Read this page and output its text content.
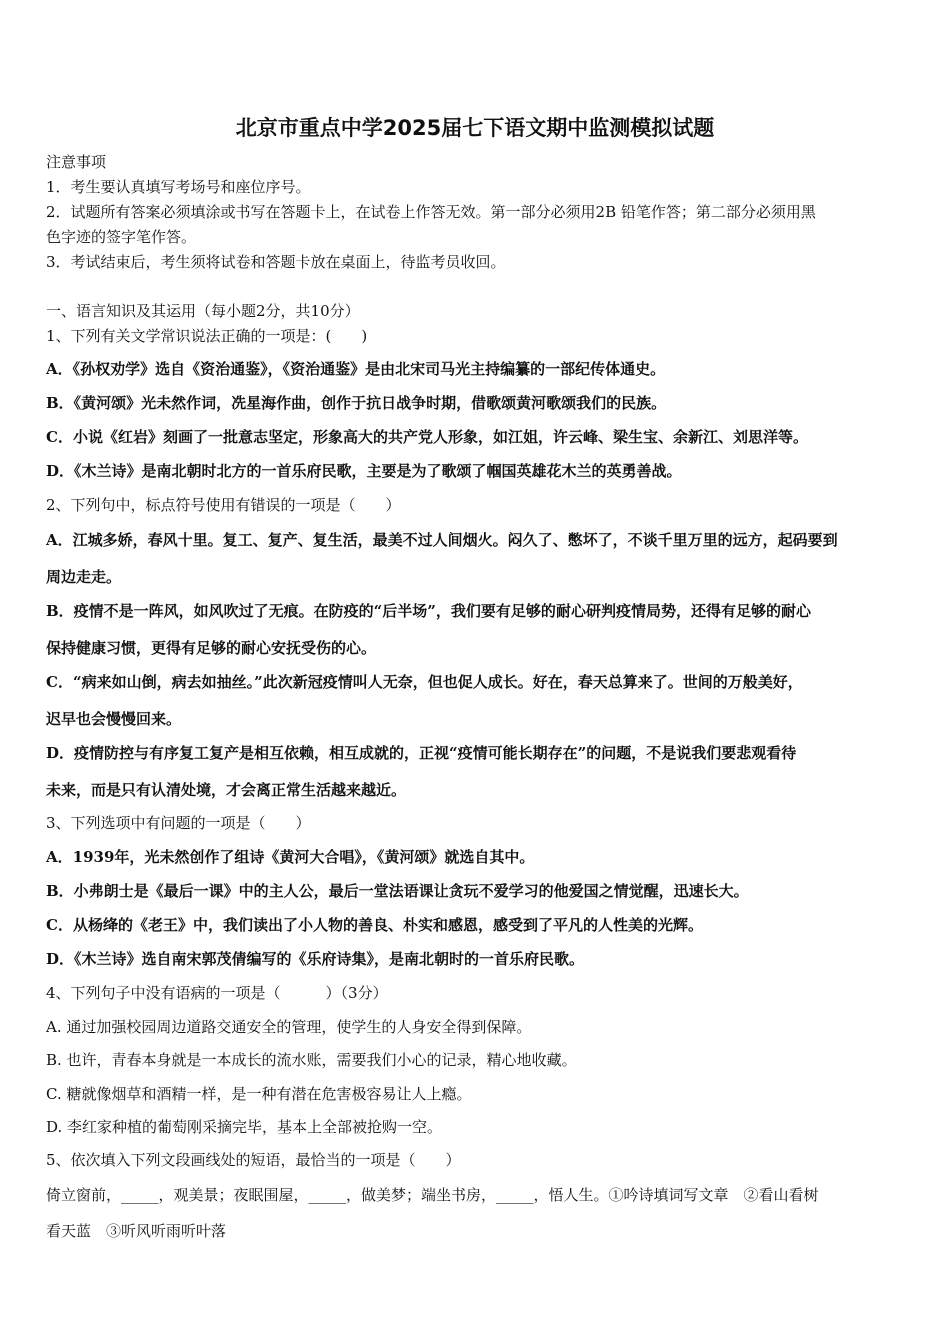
北京市重点中学2025届七下语文期中监测模拟试题
注意事项
1．考生要认真填写考场号和座位序号。
2．试题所有答案必须填涂或书写在答题卡上，在试卷上作答无效。第一部分必须用2B 铅笔作答；第二部分必须用黑
色字迹的签字笔作答。
3．考试结束后，考生须将试卷和答题卡放在桌面上，待监考员收回。
一、语言知识及其运用（每小题2分，共10分）
1、下列有关文学常识说法正确的一项是：(　　)
A．《孙权劝学》选自《资治通鉴》，《资治通鉴》是由北宋司马光主持编纂的一部纪传体通史。
B．《黄河颂》光未然作词，冼星海作曲，创作于抗日战争时期，借歌颂黄河歌颂我们的民族。
C．小说《红岩》刻画了一批意志坚定，形象高大的共产党人形象，如江姐，许云峰、梁生宝、余新江、刘思洋等。
D．《木兰诗》是南北朝时北方的一首乐府民歌，主要是为了歌颂了帼国英雄花木兰的英勇善战。
2、下列句中，标点符号使用有错误的一项是（　　）
A．江城多娇，春风十里。复工、复产、复生活，最美不过人间烟火。闷久了、憋坏了，不谈千里万里的远方，起码要到
周边走走。
B．疫情不是一阵风，如风吹过了无痕。在防疫的“后半场”，我们要有足够的耐心研判疫情局势，还得有足够的耐心
保持健康习惯，更得有足够的耐心安抚受伤的心。
C．“病来如山倒，病去如抽丝。”此次新冠疫情叫人无奈，但也促人成长。好在，春天总算来了。世间的万般美好，
迟早也会慢慢回来。
D．疫情防控与有序复工复产是相互依赖，相互成就的，正视“疫情可能长期存在”的问题，不是说我们要悲观看待
未来，而是只有认清处境，才会离正常生活越来越近。
3、下列选项中有问题的一项是（　　）
A．1939年，光未然创作了组诗《黄河大合唱》，《黄河颂》就选自其中。
B．小弗朗士是《最后一课》中的主人公，最后一堂法语课让贪玩不爱学习的他爱国之情觉醒，迅速长大。
C．从杨绛的《老王》中，我们读出了小人物的善良、朴实和感恩，感受到了平凡的人性美的光辉。
D．《木兰诗》选自南宋郭茂倩编写的《乐府诗集》，是南北朝时的一首乐府民歌。
4、下列句子中没有语病的一项是（　　　）（3分）
A. 通过加强校园周边道路交通安全的管理，使学生的人身安全得到保障。
B. 也许，青春本身就是一本成长的流水账，需要我们小心的记录，精心地收藏。
C. 糖就像烟草和酒精一样，是一种有潜在危害极容易让人上瘾。
D. 李红家种植的葡萄刚采摘完毕，基本上全部被抢购一空。
5、依次填入下列文段画线处的短语，最恰当的一项是（　　）
倚立窗前，_____，观美景；夜眠围屋，_____，做美梦；端坐书房，_____，悟人生。①吟诗填词写文章　②看山看树
看天蓝　③听风听雨听叶落
